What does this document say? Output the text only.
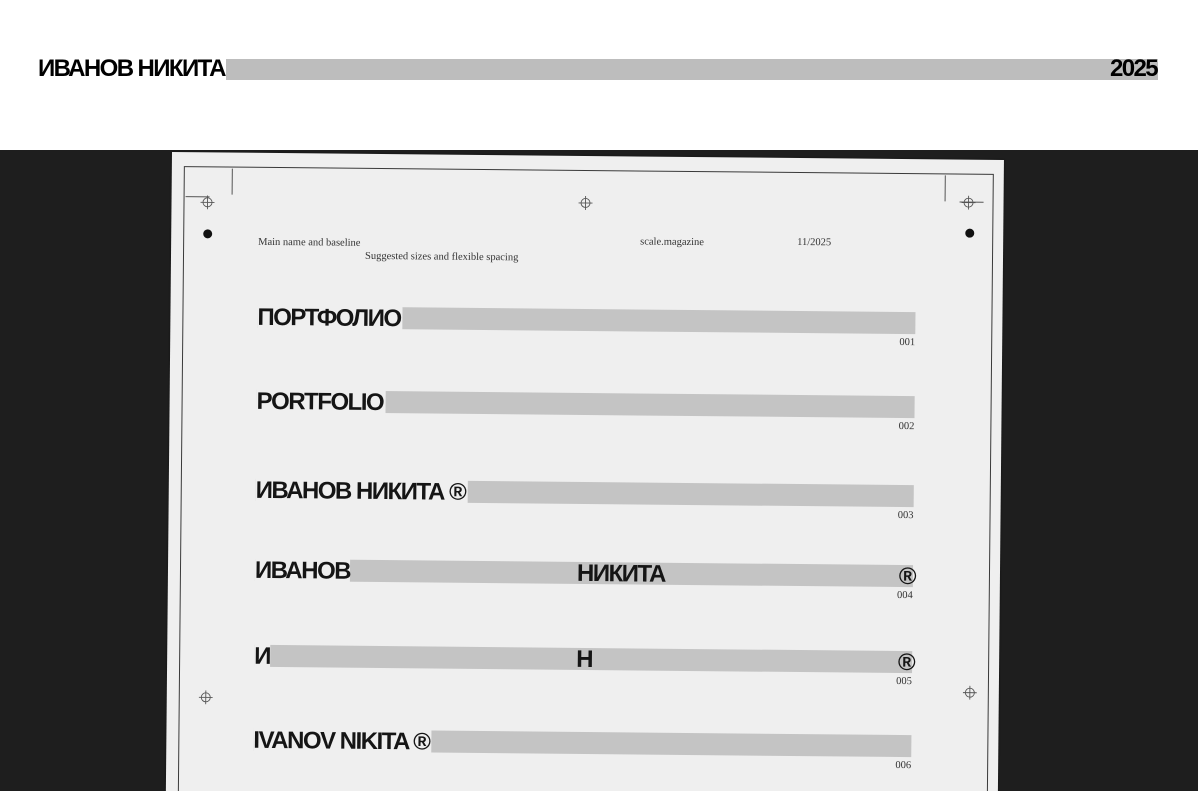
ИВАНОВ НИКИТА	2025
Main name and baseline
Suggested sizes and flexible spacing
scale.magazine	11/2025
ПОРТФОЛИО
001
PORTFOLIO
002
ИВАНОВ НИКИТА ®
003
ИВАНОВ	НИКИТА	®
004
И	Н	®
005
IVANOV NIKITA ®
006
